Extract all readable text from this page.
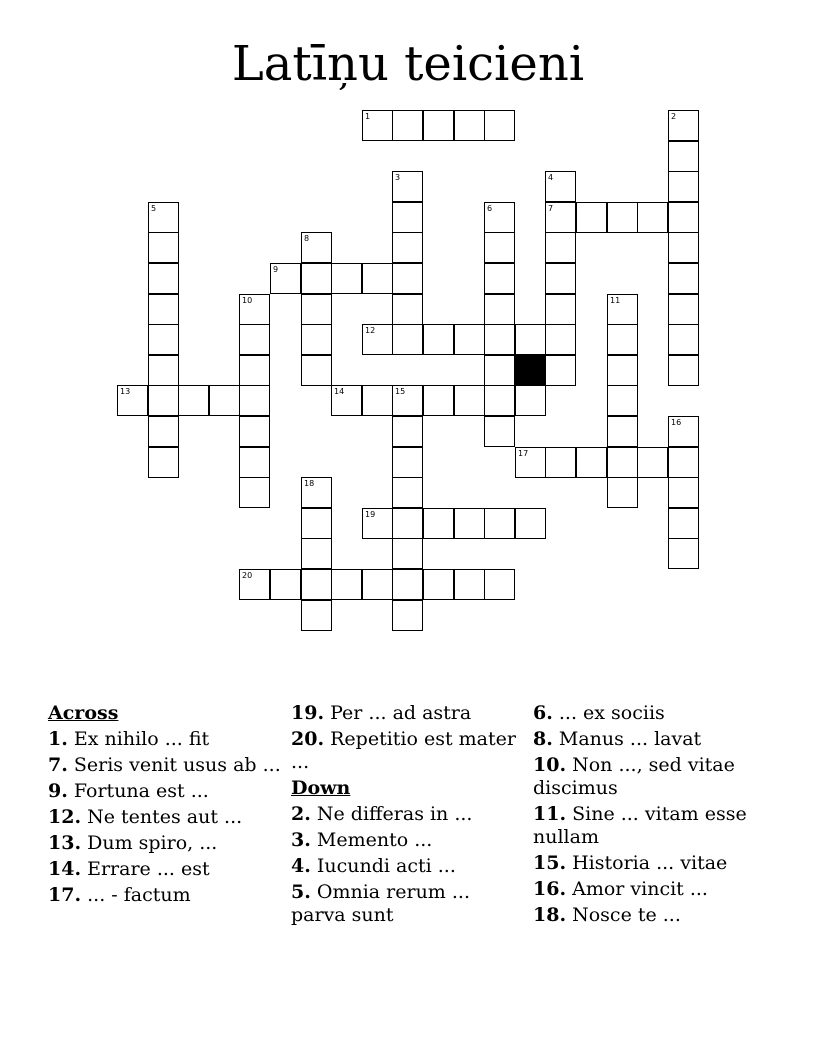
Latīņu teicieni
1	2
3	4
5	6	7
8
9
10	11
12
13	14	15
16
17
18
19
20
Across

1. Ex nihilo ... fit

7. Seris venit usus ab ...

9. Fortuna est ...

12. Ne tentes aut ...

13. Dum spiro, ...

14. Errare ... est

17. ... - factum

19. Per ... ad astra

20. Repetitio est mater ...

Down

2. Ne differas in ...

3. Memento ...

4. Iucundi acti ...

5. Omnia rerum ... parva sunt

6. ... ex sociis

8. Manus ... lavat

10. Non ..., sed vitae discimus

11. Sine ... vitam esse nullam

15. Historia ... vitae

16. Amor vincit ...

18. Nosce te ...
